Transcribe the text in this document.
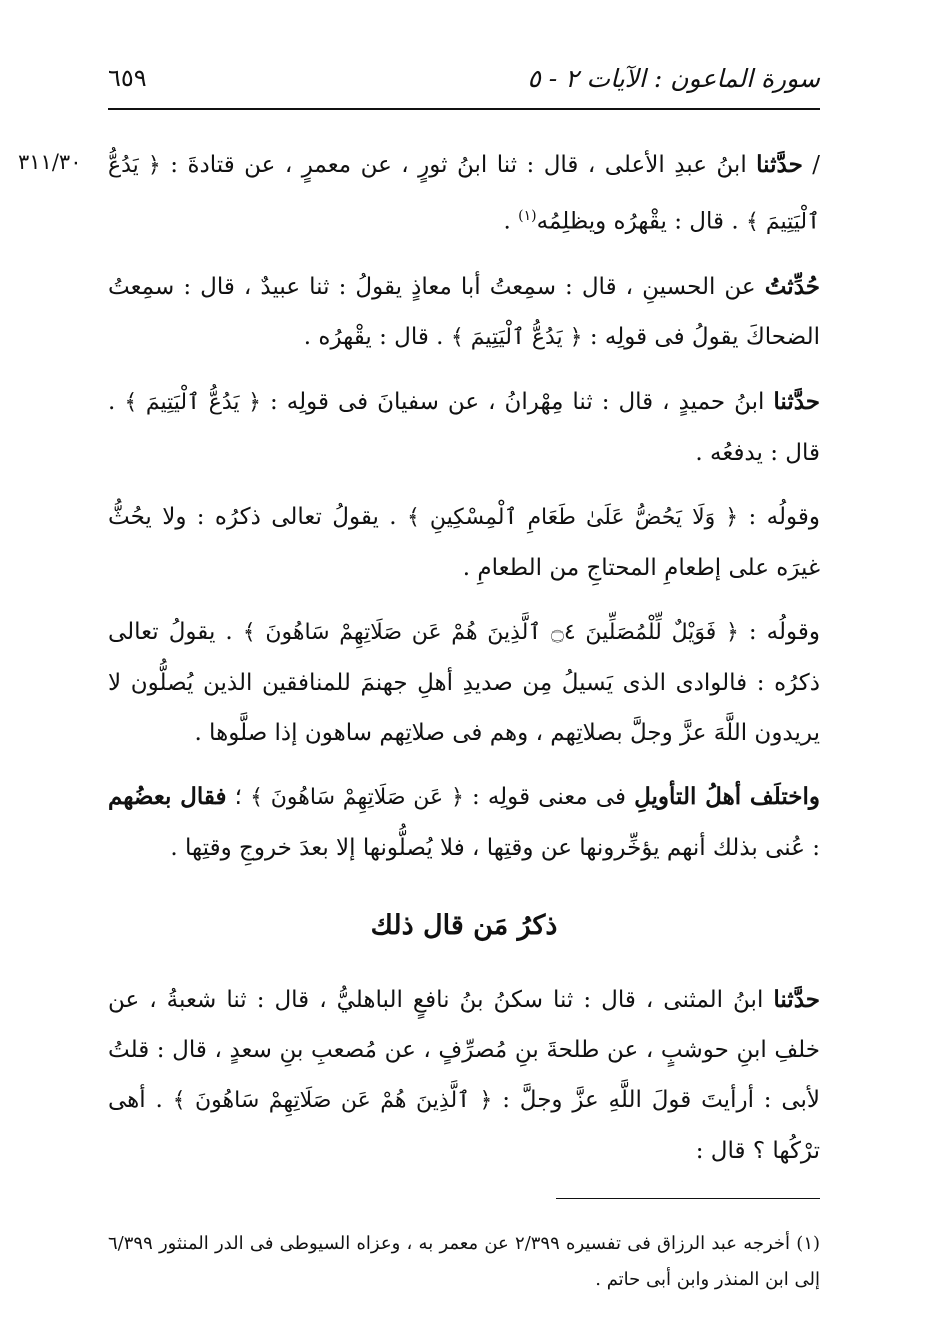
سورة الماعون : الآيات ٢ - ٥
٦٥٩
٣١١/٣٠	/ حدَّثنا ابنُ عبدِ الأعلى ، قال : ثنا ابنُ ثورٍ ، عن معمرٍ ، عن قتادةَ : ﴿ يَدُعُّ ٱلْيَتِيمَ ﴾ . قال : يقْهرُه ويظلِمُه$^{(١)}$ .

حُدِّثتُ عن الحسينِ ، قال : سمِعتُ أبا معاذٍ يقولُ : ثنا عبيدٌ ، قال : سمِعتُ الضحاكَ يقولُ فى قولِه : ﴿ يَدُعُّ ٱلْيَتِيمَ ﴾ . قال : يقْهرُه .

حدَّثنا ابنُ حميدٍ ، قال : ثنا مِهْرانُ ، عن سفيانَ فى قولِه : ﴿ يَدُعُّ ٱلْيَتِيمَ ﴾ . قال : يدفعُه .

وقولُه : ﴿ وَلَا يَحُضُّ عَلَىٰ طَعَامِ ٱلْمِسْكِينِ ﴾ . يقولُ تعالى ذكرُه : ولا يحُثُّ غيرَه على إطعامِ المحتاجِ من الطعامِ .

وقولُه : ﴿ فَوَيْلٌ لِّلْمُصَلِّينَ ۝٤ ٱلَّذِينَ هُمْ عَن صَلَاتِهِمْ سَاهُونَ ﴾ . يقولُ تعالى ذكرُه : فالوادى الذى يَسيلُ مِن صديدِ أهلِ جهنمَ للمنافقين الذين يُصلُّون لا يريدون اللَّهَ عزَّ وجلَّ بصلاتِهم ، وهم فى صلاتِهم ساهون إذا صلَّوها .

واختلَف أهلُ التأويلِ فى معنى قولِه : ﴿ عَن صَلَاتِهِمْ سَاهُونَ ﴾ ؛ فقال بعضُهم : عُنى بذلك أنهم يؤخِّرونها عن وقتِها ، فلا يُصلُّونها إلا بعدَ خروجِ وقتِها .

ذكرُ مَن قال ذلك

حدَّثنا ابنُ المثنى ، قال : ثنا سكنُ بنُ نافعٍ الباهليُّ ، قال : ثنا شعبةُ ، عن خلفِ ابنِ حوشبٍ ، عن طلحةَ بنِ مُصرِّفٍ ، عن مُصعبِ بنِ سعدٍ ، قال : قلتُ لأبى : أرأيتَ قولَ اللَّهِ عزَّ وجلَّ : ﴿ ٱلَّذِينَ هُمْ عَن صَلَاتِهِمْ سَاهُونَ ﴾ . أهى ترْكُها ؟ قال :

(١) أخرجه عبد الرزاق فى تفسيره ٢/٣٩٩ عن معمر به ، وعزاه السيوطى فى الدر المنثور ٦/٣٩٩ إلى ابن المنذر وابن أبى حاتم .
